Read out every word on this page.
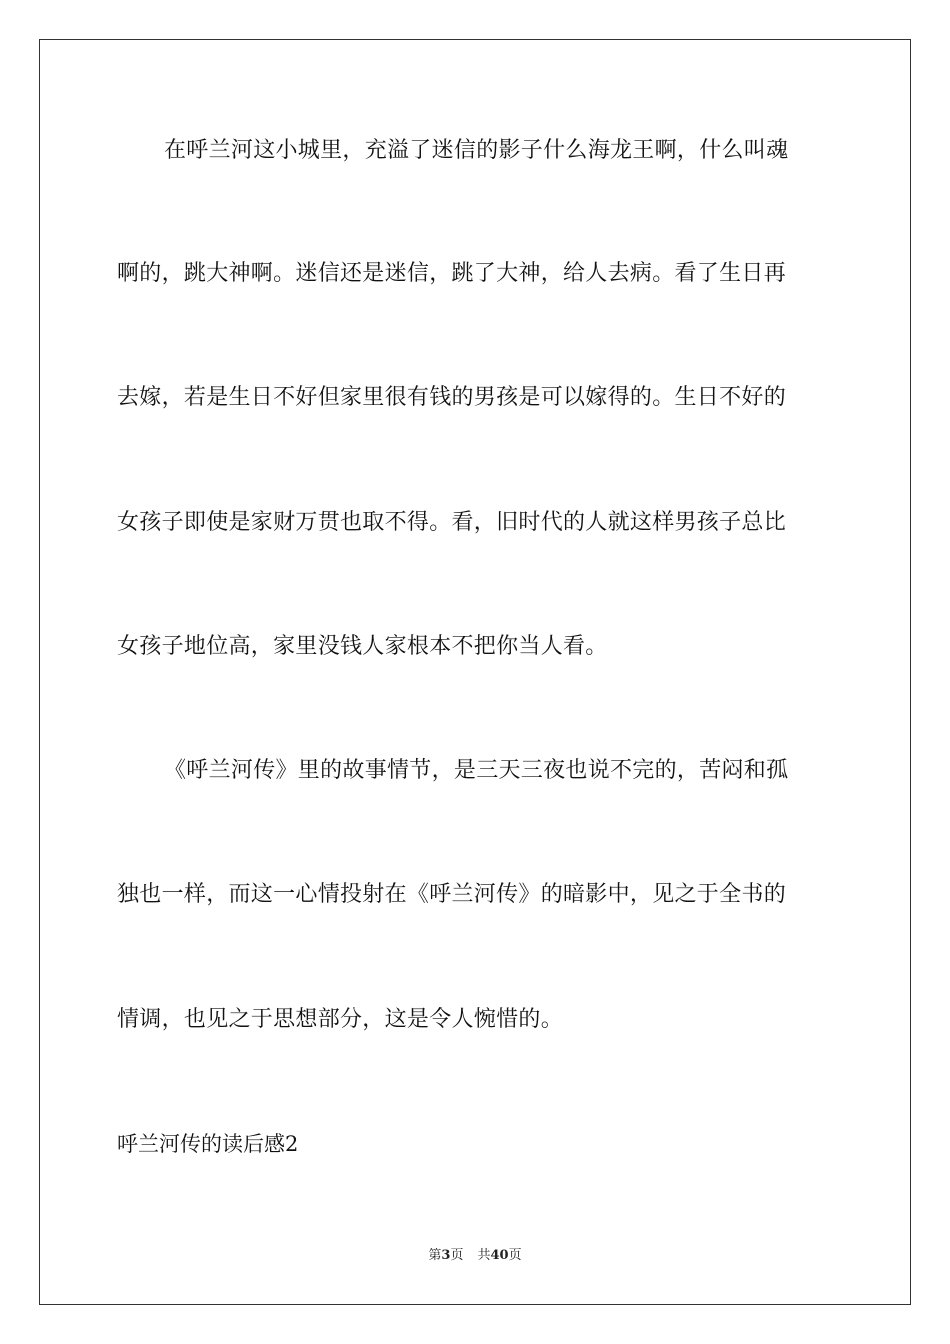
在呼兰河这小城里，充溢了迷信的影子什么海龙王啊，什么叫魂
啊的，跳大神啊。迷信还是迷信，跳了大神，给人去病。看了生日再
去嫁，若是生日不好但家里很有钱的男孩是可以嫁得的。生日不好的
女孩子即使是家财万贯也取不得。看，旧时代的人就这样男孩子总比
女孩子地位高，家里没钱人家根本不把你当人看。
《呼兰河传》里的故事情节，是三天三夜也说不完的，苦闷和孤
独也一样，而这一心情投射在《呼兰河传》的暗影中，见之于全书的
情调，也见之于思想部分，这是令人惋惜的。
呼兰河传的读后感2
第3页 共40页
